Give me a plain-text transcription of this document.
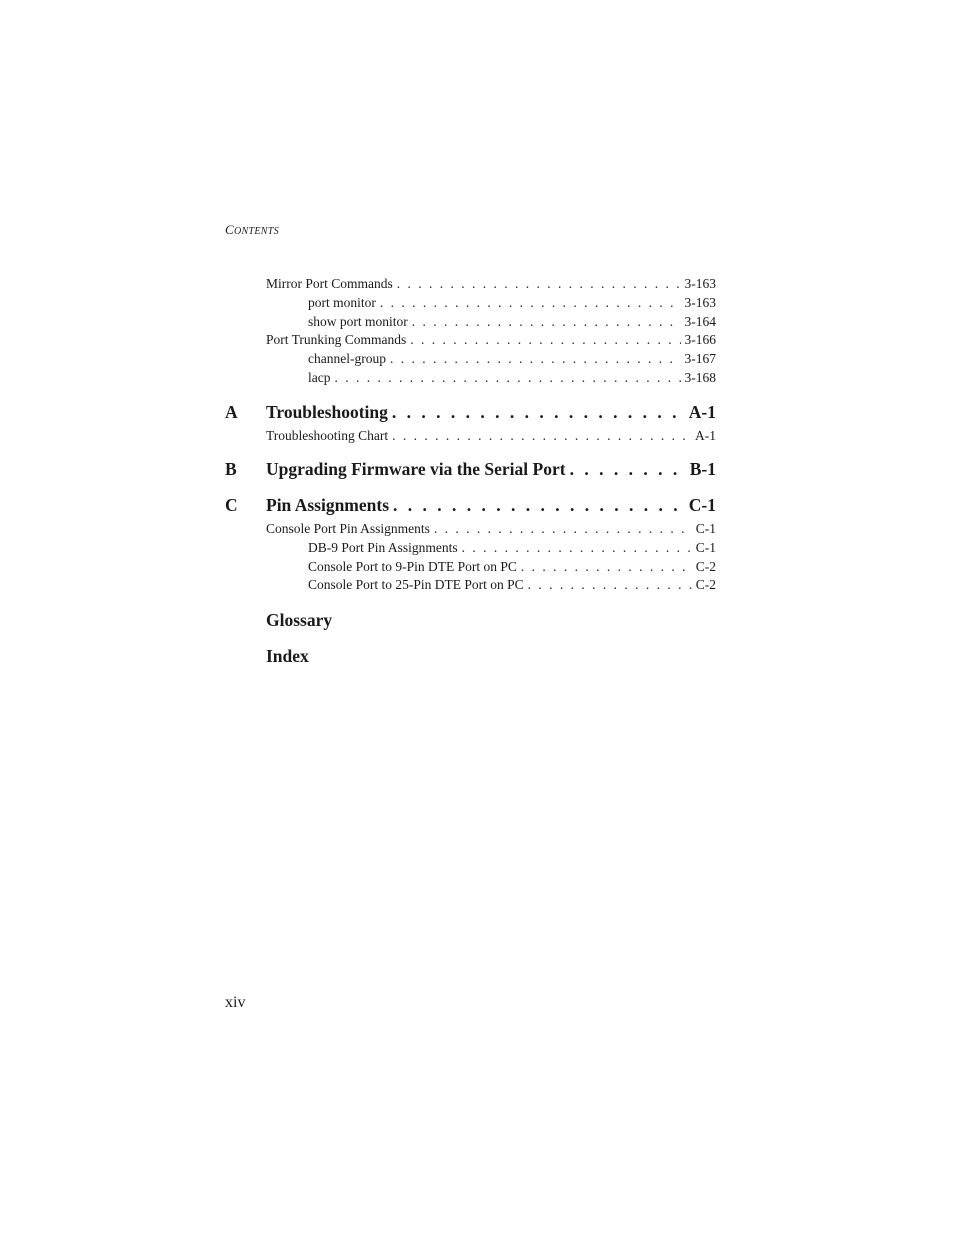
CONTENTS
Mirror Port Commands . . .	3-163
port monitor . . .	3-163
show port monitor . . .	3-164
Port Trunking Commands . . .	3-166
channel-group . . .	3-167
lacp . . .	3-168
A	Troubleshooting . . .	A-1
Troubleshooting Chart . . .	A-1
B	Upgrading Firmware via the Serial Port . . .	B-1
C	Pin Assignments . . .	C-1
Console Port Pin Assignments . . .	C-1
DB-9 Port Pin Assignments . . .	C-1
Console Port to 9-Pin DTE Port on PC . . .	C-2
Console Port to 25-Pin DTE Port on PC . . .	C-2
Glossary
Index
xiv
